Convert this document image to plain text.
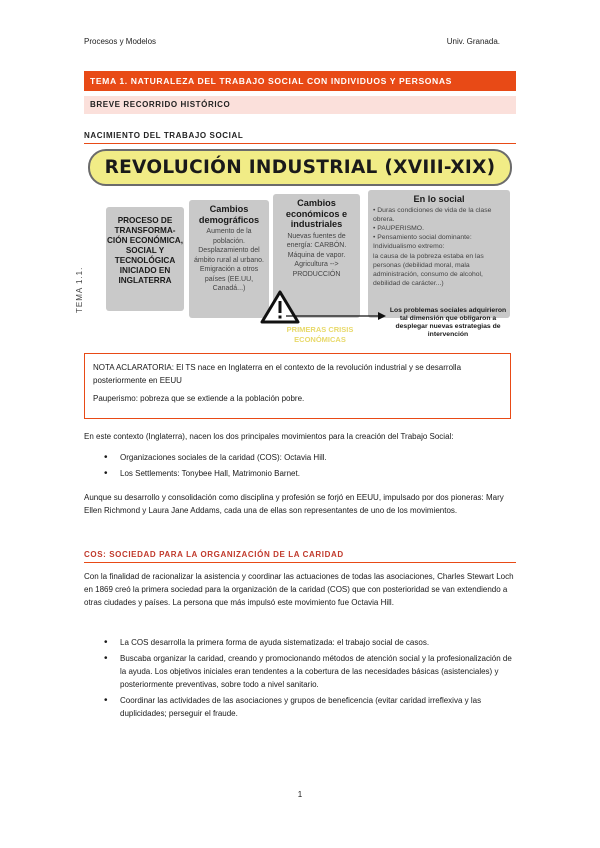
Procesos y Modelos	Univ. Granada.
TEMA 1. NATURALEZA DEL TRABAJO SOCIAL CON INDIVIDUOS Y PERSONAS
BREVE RECORRIDO HISTÓRICO
NACIMIENTO DEL TRABAJO SOCIAL
REVOLUCIÓN INDUSTRIAL (XVIII-XIX)
PROCESO DE TRANSFORMA-CIÓN ECONÓMICA, SOCIAL Y TECNOLÓGICA INICIADO EN INGLATERRA
Cambios demográficos
Aumento de la población. Desplazamiento del ámbito rural al urbano. Emigración a otros países (EE.UU, Canadá...)
Cambios económicos e industriales
Nuevas fuentes de energía: CARBÓN. Máquina de vapor. Agricultura --> PRODUCCIÓN
En lo social
• Duras condiciones de vida de la clase obrera.
• PAUPERISMO.
• Pensamiento social dominante: Individualismo extremo:
la causa de la pobreza estaba en las personas (debilidad moral, mala administración, consumo de alcohol, debilidad de carácter...)
TEMA 1.1.
PRIMERAS CRISIS ECONÓMICAS
Los problemas sociales adquirieron tal dimensión que obligaron a desplegar nuevas estrategias de intervención

NOTA ACLARATORIA: El TS nace en Inglaterra en el contexto de la revolución industrial y se desarrolla posteriormente en EEUU

Pauperismo: pobreza que se extiende a la población pobre.

En este contexto (Inglaterra), nacen los dos principales movimientos para la creación del Trabajo Social:
• Organizaciones sociales de la caridad (COS): Octavia Hill.
• Los Settlements: Tonybee Hall, Matrimonio Barnet.
Aunque su desarrollo y consolidación como disciplina y profesión se forjó en EEUU, impulsado por dos pioneras: Mary Ellen Richmond y Laura Jane Addams, cada una de ellas son representantes de uno de los movimientos.
COS: SOCIEDAD PARA LA ORGANIZACIÓN DE LA CARIDAD
Con la finalidad de racionalizar la asistencia y coordinar las actuaciones de todas las asociaciones, Charles Stewart Loch en 1869 creó la primera sociedad para la organización de la caridad (COS) que con posterioridad se van extendiendo a otras ciudades y países. La persona que más impulsó este movimiento fue Octavia Hill.
• La COS desarrolla la primera forma de ayuda sistematizada: el trabajo social de casos.
• Buscaba organizar la caridad, creando y promocionando métodos de atención social y la profesionalización de la ayuda. Los objetivos iniciales eran tendentes a la cobertura de las necesidades básicas (asistenciales) y posteriormente preventivas, sobre todo a nivel sanitario.
• Coordinar las actividades de las asociaciones y grupos de beneficencia (evitar caridad irreflexiva y las duplicidades; perseguir el fraude.
1
